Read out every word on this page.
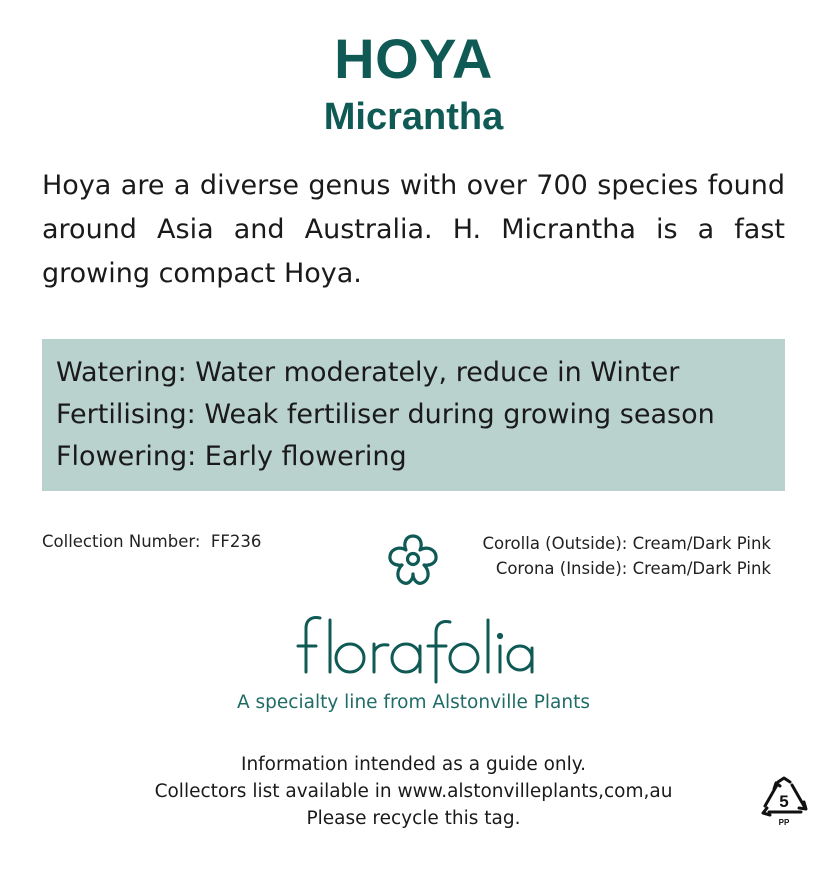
HOYA
Micrantha

Hoya are a diverse genus with over 700 species found around Asia and Australia. H. Micrantha is a fast growing compact Hoya.

Watering: Water moderately, reduce in Winter
Fertilising: Weak fertiliser during growing season
Flowering: Early flowering
Collection Number: FF236	Corolla (Outside): Cream/Dark Pink
Corona (Inside): Cream/Dark Pink
A specialty line from Alstonville Plants
Information intended as a guide only.
Collectors list available in www.alstonvilleplants,com,au
Please recycle this tag.
5
PP
